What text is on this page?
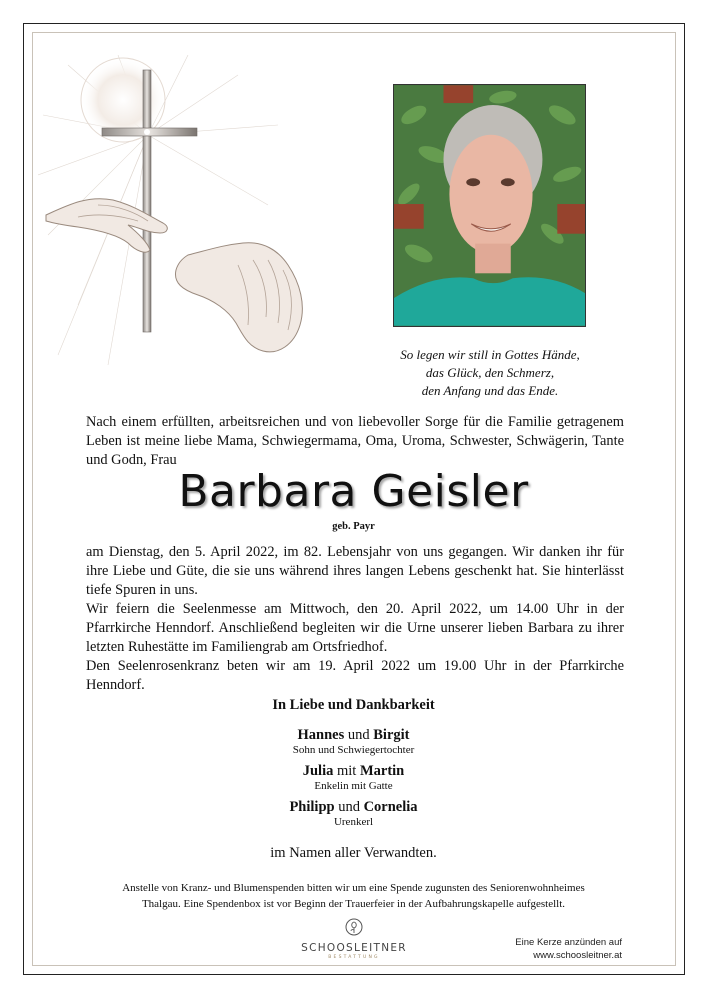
So legen wir still in Gottes Hände,
das Glück, den Schmerz,
den Anfang und das Ende.
Nach einem erfüllten, arbeitsreichen und von liebevoller Sorge für die Familie getragenem Leben ist meine liebe Mama, Schwiegermama, Oma, Uroma, Schwester, Schwägerin, Tante und Godn, Frau
Barbara Geisler
geb. Payr
am Dienstag, den 5. April 2022, im 82. Lebensjahr von uns gegangen. Wir danken ihr für ihre Liebe und Güte, die sie uns während ihres langen Lebens geschenkt hat. Sie hinterlässt tiefe Spuren in uns.
Wir feiern die Seelenmesse am Mittwoch, den 20. April 2022, um 14.00 Uhr in der Pfarrkirche Henndorf. Anschließend begleiten wir die Urne unserer lieben Barbara zu ihrer letzten Ruhestätte im Familiengrab am Ortsfriedhof.
Den Seelenrosenkranz beten wir am 19. April 2022 um 19.00 Uhr in der Pfarrkirche Henndorf.
In Liebe und Dankbarkeit
Hannes und Birgit
Sohn und Schwiegertochter
Julia mit Martin
Enkelin mit Gatte
Philipp und Cornelia
Urenkerl
im Namen aller Verwandten.
Anstelle von Kranz- und Blumenspenden bitten wir um eine Spende zugunsten des Seniorenwohnheimes
Thalgau. Eine Spendenbox ist vor Beginn der Trauerfeier in der Aufbahrungskapelle aufgestellt.
SCHOOSLEITNER
BESTATTUNG
Eine Kerze anzünden auf
www.schoosleitner.at
